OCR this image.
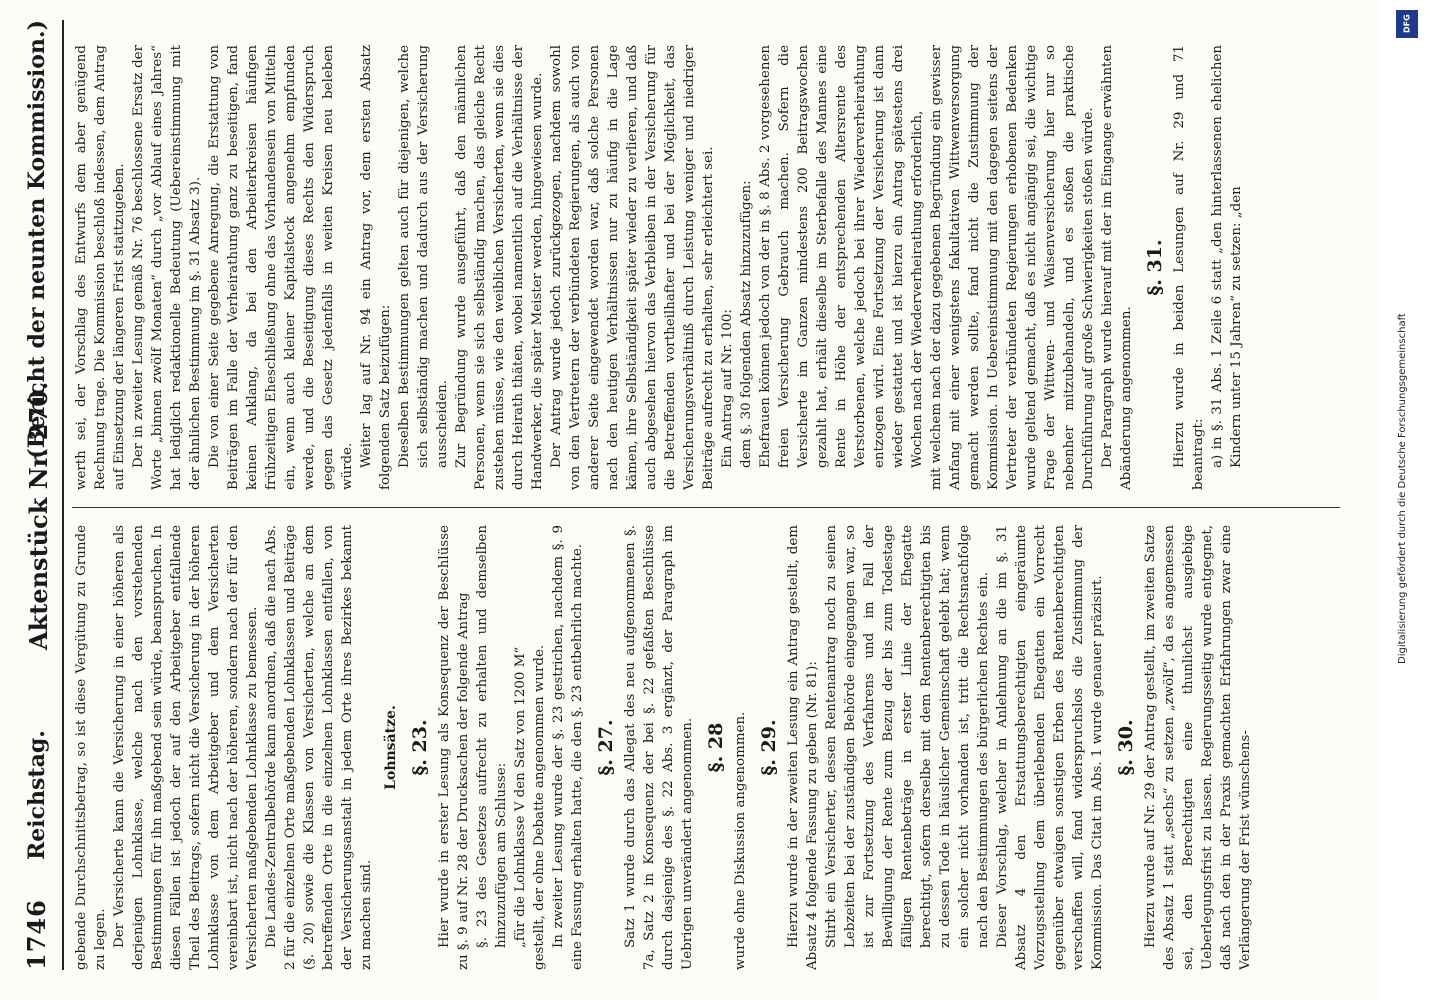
1746
Reichstag.
Aktenstück Nr. 270.
(Bericht der neunten Kommission.)

gebende Durchschnittsbetrag, so ist diese Vergütung zu Grunde zu legen. Der Versicherte kann die Versicherung in einer höheren als derjenigen Lohnklasse, welche nach den vorstehenden Bestimmungen für ihn maßgebend sein würde, beanspruchen. In diesen Fällen ist jedoch der auf den Arbeitgeber entfallende Theil des Beitrags, sofern nicht die Versicherung in der höheren Lohnklasse von dem Arbeitgeber und dem Versicherten vereinbart ist, nicht nach der höheren, sondern nach der für den Versicherten maßgebenden Lohnklasse zu bemessen. Die Landes-Zentralbehörde kann anordnen, daß die nach Abs. 2 für die einzelnen Orte maßgebenden Lohnklassen und Beiträge (§. 20) sowie die Klassen von Versicherten, welche an dem betreffenden Orte in die einzelnen Lohnklassen entfallen, von der Versicherungsanstalt in jedem Orte ihres Bezirkes bekannt zu machen sind.

Lohnsätze. §. 23. Hier wurde in erster Lesung als Konsequenz der Beschlüsse zu §. 9 auf Nr. 28 der Drucksachen der folgende Antrag §. 23 des Gesetzes aufrecht zu erhalten und demselben hinzuzufügen am Schlusse: „für die Lohnklasse V den Satz von 1200 M“ gestellt, der ohne Debatte angenommen wurde. In zweiter Lesung wurde der §. 23 gestrichen, nachdem §. 9 eine Fassung erhalten hatte, die den §. 23 entbehrlich machte. §. 27. Satz 1 wurde durch das Allegat des neu aufgenommenen §. 7a, Satz 2 in Konsequenz der bei §. 22 gefaßten Beschlüsse durch dasjenige des §. 22 Abs. 3 ergänzt, der Paragraph im Uebrigen unverändert angenommen. §. 28 wurde ohne Diskussion angenommen. §. 29. Hierzu wurde in der zweiten Lesung ein Antrag gestellt, dem Absatz 4 folgende Fassung zu geben (Nr. 81): Stirbt ein Versicherter, dessen Rentenantrag noch zu seinen Lebzeiten bei der zuständigen Behörde eingegangen war, so ist zur Fortsetzung des Verfahrens und im Fall der Bewilligung der Rente zum Bezug der bis zum Todestage fälligen Rentenbeträge in erster Linie der Ehegatte berechtigt, sofern derselbe mit dem Rentenberechtigten bis zu dessen Tode in häuslicher Gemeinschaft gelebt hat; wenn ein solcher nicht vorhanden ist, tritt die Rechtsnachfolge nach den Bestimmungen des bürgerlichen Rechtes ein. Dieser Vorschlag, welcher in Anlehnung an die im §. 31 Absatz 4 den Erstattungsberechtigten eingeräumte Vorzugsstellung dem überlebenden Ehegatten ein Vorrecht gegenüber etwaigen sonstigen Erben des Rentenberechtigten verschaffen will, fand widerspruchslos die Zustimmung der Kommission. Das Citat im Abs. 1 wurde genauer präzisirt. §. 30. Hierzu wurde auf Nr. 29 der Antrag gestellt, im zweiten Satze des Absatz 1 statt „sechs“ zu setzen „zwölf“, da es angemessen sei, den Berechtigten eine thunlichst ausgiebige Ueberlegungsfrist zu lassen. Regierungsseitig wurde entgegnet, daß nach den in der Praxis gemachten Erfahrungen zwar eine Verlängerung der Frist wünschens-

werth sei, der Vorschlag des Entwurfs dem aber genügend Rechnung trage. Die Kommission beschloß indessen, dem Antrag auf Einsetzung der längeren Frist stattzugeben. Der in zweiter Lesung gemäß Nr. 76 beschlossene Ersatz der Worte „binnen zwölf Monaten“ durch „vor Ablauf eines Jahres“ hat lediglich redaktionelle Bedeutung (Uebereinstimmung mit der ähnlichen Bestimmung im §. 31 Absatz 3). Die von einer Seite gegebene Anregung, die Erstattung von Beiträgen im Falle der Verheirathung ganz zu beseitigen, fand keinen Anklang, da bei den Arbeiterkreisen häufigen frühzeitigen Eheschließung ohne das Vorhandensein von Mitteln ein, wenn auch kleiner Kapitalstock angenehm empfunden werde, und die Beseitigung dieses Rechts den Widerspruch gegen das Gesetz jedenfalls in weiten Kreisen neu beleben würde. Weiter lag auf Nr. 94 ein Antrag vor, dem ersten Absatz folgenden Satz beizufügen: Dieselben Bestimmungen gelten auch für diejenigen, welche sich selbständig machen und dadurch aus der Versicherung ausscheiden. Zur Begründung wurde ausgeführt, daß den männlichen Personen, wenn sie sich selbständig machen, das gleiche Recht zustehen müsse, wie den weiblichen Versicherten, wenn sie dies durch Heirath thäten, wobei namentlich auf die Verhältnisse der Handwerker, die später Meister werden, hingewiesen wurde. Der Antrag wurde jedoch zurückgezogen, nachdem sowohl von den Vertretern der verbündeten Regierungen, als auch von anderer Seite eingewendet worden war, daß solche Personen nach den heutigen Verhältnissen nur zu häufig in die Lage kämen, ihre Selbständigkeit später wieder zu verlieren, und daß auch abgesehen hiervon das Verbleiben in der Versicherung für die Betreffenden vortheilhafter und bei der Möglichkeit, das Versicherungsverhältniß durch Leistung weniger und niedriger Beiträge aufrecht zu erhalten, sehr erleichtert sei. Ein Antrag auf Nr. 100: dem §. 30 folgenden Absatz hinzuzufügen: Ehefrauen können jedoch von der in §. 8 Abs. 2 vorgesehenen freien Versicherung Gebrauch machen. Sofern die Versicherte im Ganzen mindestens 200 Beitragswochen gezahlt hat, erhält dieselbe im Sterbefalle des Mannes eine Rente in Höhe der entsprechenden Altersrente des Verstorbenen, welche jedoch bei ihrer Wiederverheirathung entzogen wird. Eine Fortsetzung der Versicherung ist dann wieder gestattet und ist hierzu ein Antrag spätestens drei Wochen nach der Wiederverheirathung erforderlich, mit welchem nach der dazu gegebenen Begründung ein gewisser Anfang mit einer wenigstens fakultativen Wittwenversorgung gemacht werden sollte, fand nicht die Zustimmung der Kommission. In Uebereinstimmung mit den dagegen seitens der Vertreter der verbündeten Regierungen erhobenen Bedenken wurde geltend gemacht, daß es nicht angängig sei, die wichtige Frage der Wittwen- und Waisenversicherung hier nur so nebenher mitzubehandeln, und es stoßen die praktische Durchführung auf große Schwierigkeiten stoßen würde. Der Paragraph wurde hierauf mit der im Eingange erwähnten Abänderung angenommen.

§. 31. Hierzu wurde in beiden Lesungen auf Nr. 29 und 71 beantragt: a) in §. 31 Abs. 1 Zeile 6 statt „den hinterlassenen ehelichen Kindern unter 15 Jahren“ zu setzen: „den

DFG
Digitalisierung gefördert durch die Deutsche Forschungsgemeinschaft
